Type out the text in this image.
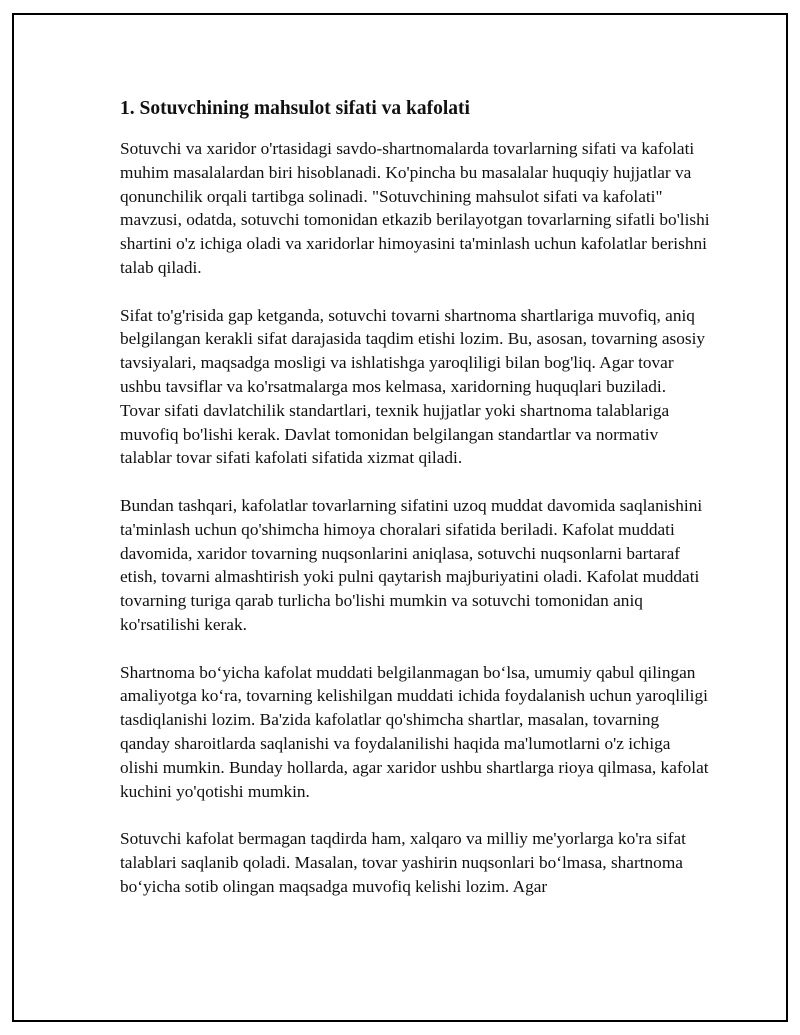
1. Sotuvchining mahsulot sifati va kafolati

Sotuvchi va xaridor o'rtasidagi savdo-shartnomalarda tovarlarning sifati va kafolati muhim masalalardan biri hisoblanadi. Ko'pincha bu masalalar huquqiy hujjatlar va qonunchilik orqali tartibga solinadi. "Sotuvchining mahsulot sifati va kafolati" mavzusi, odatda, sotuvchi tomonidan etkazib berilayotgan tovarlarning sifatli bo'lishi shartini o'z ichiga oladi va xaridorlar himoyasini ta'minlash uchun kafolatlar berishni talab qiladi.

Sifat to'g'risida gap ketganda, sotuvchi tovarni shartnoma shartlariga muvofiq, aniq belgilangan kerakli sifat darajasida taqdim etishi lozim. Bu, asosan, tovarning asosiy tavsiyalari, maqsadga mosligi va ishlatishga yaroqliligi bilan bog'liq. Agar tovar ushbu tavsiflar va ko'rsatmalarga mos kelmasa, xaridorning huquqlari buziladi. Tovar sifati davlatchilik standartlari, texnik hujjatlar yoki shartnoma talablariga muvofiq bo'lishi kerak. Davlat tomonidan belgilangan standartlar va normativ talablar tovar sifati kafolati sifatida xizmat qiladi.

Bundan tashqari, kafolatlar tovarlarning sifatini uzoq muddat davomida saqlanishini ta'minlash uchun qo'shimcha himoya choralari sifatida beriladi. Kafolat muddati davomida, xaridor tovarning nuqsonlarini aniqlasa, sotuvchi nuqsonlarni bartaraf etish, tovarni almashtirish yoki pulni qaytarish majburiyatini oladi. Kafolat muddati tovarning turiga qarab turlicha bo'lishi mumkin va sotuvchi tomonidan aniq ko'rsatilishi kerak.

Shartnoma bo‘yicha kafolat muddati belgilanmagan bo‘lsa, umumiy qabul qilingan amaliyotga ko‘ra, tovarning kelishilgan muddati ichida foydalanish uchun yaroqliligi tasdiqlanishi lozim. Ba'zida kafolatlar qo'shimcha shartlar, masalan, tovarning qanday sharoitlarda saqlanishi va foydalanilishi haqida ma'lumotlarni o'z ichiga olishi mumkin. Bunday hollarda, agar xaridor ushbu shartlarga rioya qilmasa, kafolat kuchini yo'qotishi mumkin.

Sotuvchi kafolat bermagan taqdirda ham, xalqaro va milliy me'yorlarga ko'ra sifat talablari saqlanib qoladi. Masalan, tovar yashirin nuqsonlari bo‘lmasa, shartnoma bo‘yicha sotib olingan maqsadga muvofiq kelishi lozim. Agar
